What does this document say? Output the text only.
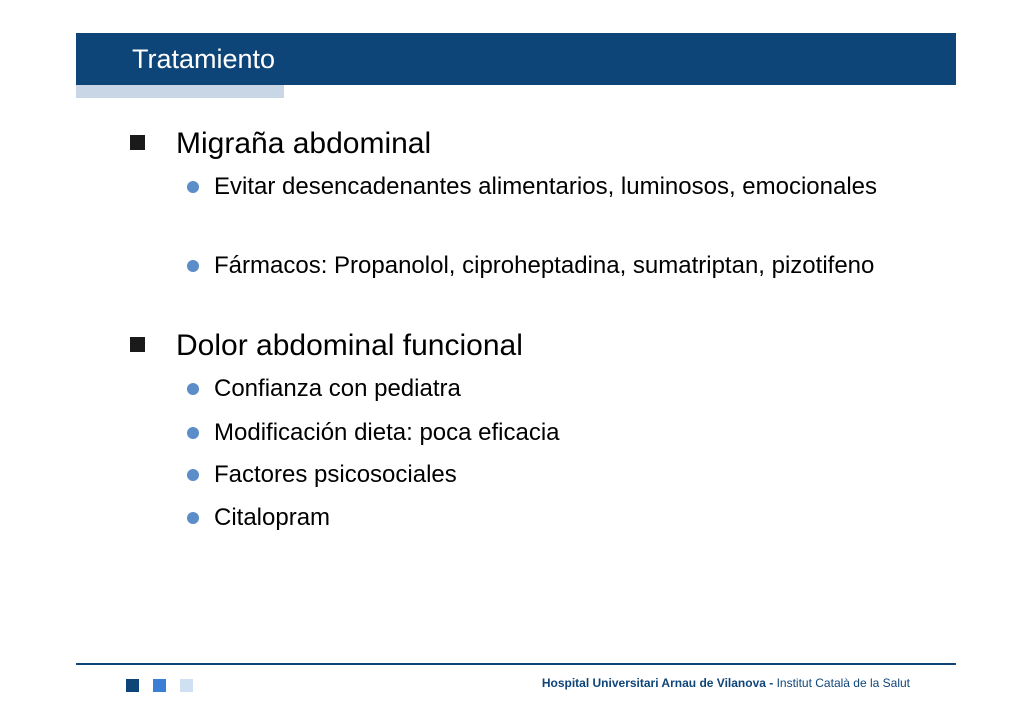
Tratamiento
Migraña abdominal
Evitar desencadenantes alimentarios, luminosos, emocionales
Fármacos: Propanolol, ciproheptadina, sumatriptan, pizotifeno
Dolor abdominal funcional
Confianza con pediatra
Modificación dieta: poca eficacia
Factores psicosociales
Citalopram
Hospital Universitari Arnau de Vilanova - Institut Català de la Salut
